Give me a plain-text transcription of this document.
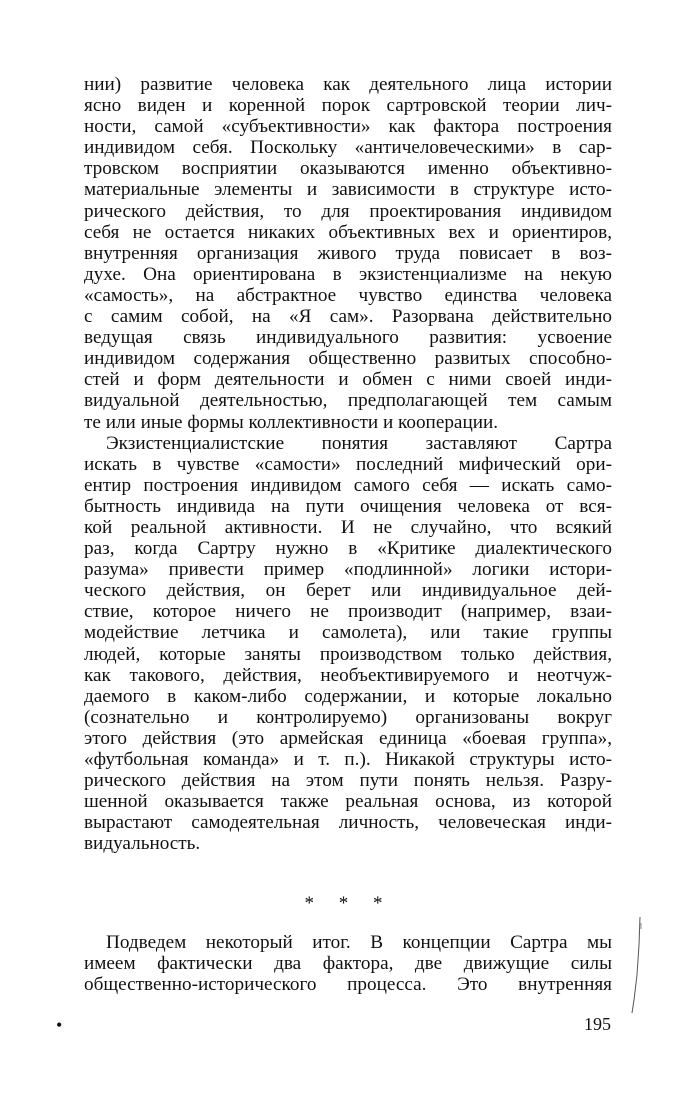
нии) развитие человека как деятельного лица истории
ясно виден и коренной порок сартровской теории лич-
ности, самой «субъективности» как фактора построения
индивидом себя. Поскольку «античеловеческими» в сар-
тровском восприятии оказываются именно объективно-
материальные элементы и зависимости в структуре исто-
рического действия, то для проектирования индивидом
себя не остается никаких объективных вех и ориентиров,
внутренняя организация живого труда повисает в воз-
духе. Она ориентирована в экзистенциализме на некую
«самость», на абстрактное чувство единства человека
с самим собой, на «Я сам». Разорвана действительно
ведущая связь индивидуального развития: усвоение
индивидом содержания общественно развитых способно-
стей и форм деятельности и обмен с ними своей инди-
видуальной деятельностью, предполагающей тем самым
те или иные формы коллективности и кооперации.
Экзистенциалистские понятия заставляют Сартра
искать в чувстве «самости» последний мифический ори-
ентир построения индивидом самого себя — искать само-
бытность индивида на пути очищения человека от вся-
кой реальной активности. И не случайно, что всякий
раз, когда Сартру нужно в «Критике диалектического
разума» привести пример «подлинной» логики истори-
ческого действия, он берет или индивидуальное дей-
ствие, которое ничего не производит (например, взаи-
модействие летчика и самолета), или такие группы
людей, которые заняты производством только действия,
как такового, действия, необъективируемого и неотчуж-
даемого в каком-либо содержании, и которые локально
(сознательно и контролируемо) организованы вокруг
этого действия (это армейская единица «боевая группа»,
«футбольная команда» и т. п.). Никакой структуры исто-
рического действия на этом пути понять нельзя. Разру-
шенной оказывается также реальная основа, из которой
вырастают самодеятельная личность, человеческая инди-
видуальность.
* * *
Подведем некоторый итог. В концепции Сартра мы
имеем фактически два фактора, две движущие силы
общественно-исторического процесса. Это внутренняя
•	195
